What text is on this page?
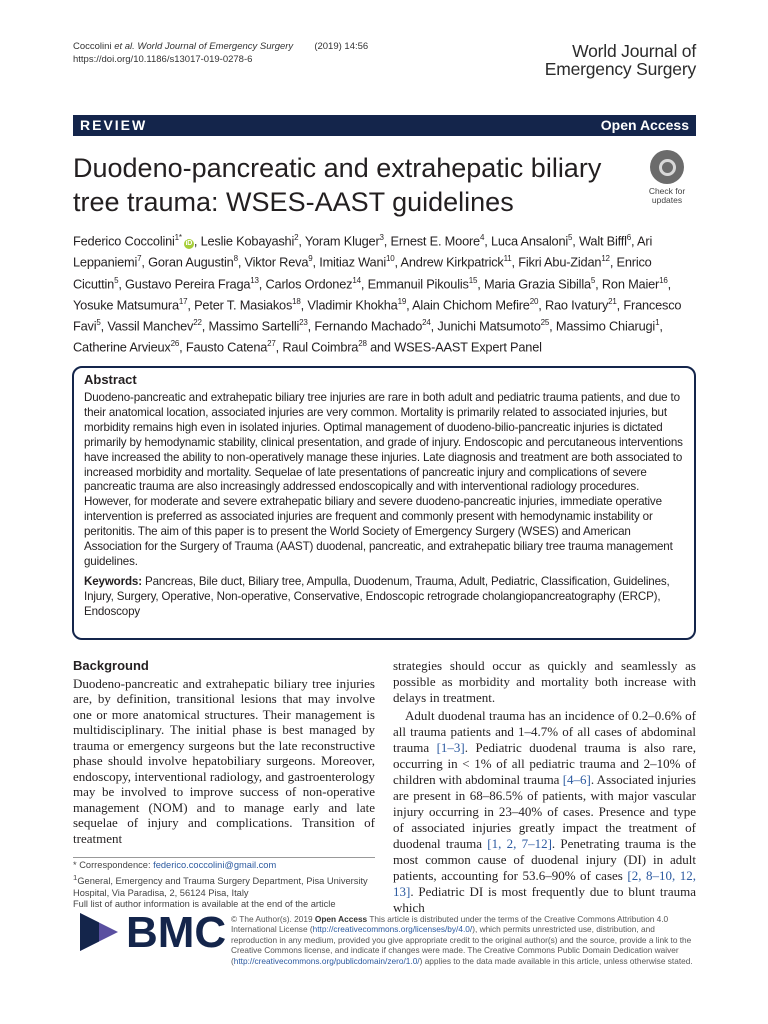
Coccolini et al. World Journal of Emergency Surgery (2019) 14:56
https://doi.org/10.1186/s13017-019-0278-6	World Journal of
Emergency Surgery
REVIEW	Open Access
Duodeno-pancreatic and extrahepatic biliary tree trauma: WSES-AAST guidelines	Check for
updates
Federico Coccolini$^{1*}$iD , Leslie Kobayashi$^2$, Yoram Kluger$^3$, Ernest E. Moore$^4$, Luca Ansaloni$^5$, Walt Biffl$^6$, Ari Leppaniemi$^7$, Goran Augustin$^8$, Viktor Reva$^9$, Imitiaz Wani$^{10}$, Andrew Kirkpatrick$^{11}$, Fikri Abu-Zidan$^{12}$, Enrico Cicuttin$^5$, Gustavo Pereira Fraga$^{13}$, Carlos Ordonez$^{14}$, Emmanuil Pikoulis$^{15}$, Maria Grazia Sibilla$^5$, Ron Maier$^{16}$, Yosuke Matsumura$^{17}$, Peter T. Masiakos$^{18}$, Vladimir Khokha$^{19}$, Alain Chichom Mefire$^{20}$, Rao Ivatury$^{21}$, Francesco Favi$^5$, Vassil Manchev$^{22}$, Massimo Sartelli$^{23}$, Fernando Machado$^{24}$, Junichi Matsumoto$^{25}$, Massimo Chiarugi$^1$, Catherine Arvieux$^{26}$, Fausto Catena$^{27}$, Raul Coimbra$^{28}$ and WSES-AAST Expert Panel
Abstract

Duodeno-pancreatic and extrahepatic biliary tree injuries are rare in both adult and pediatric trauma patients, and due to their anatomical location, associated injuries are very common. Mortality is primarily related to associated injuries, but morbidity remains high even in isolated injuries. Optimal management of duodeno-bilio-pancreatic injuries is dictated primarily by hemodynamic stability, clinical presentation, and grade of injury. Endoscopic and percutaneous interventions have increased the ability to non-operatively manage these injuries. Late diagnosis and treatment are both associated to increased morbidity and mortality. Sequelae of late presentations of pancreatic injury and complications of severe pancreatic trauma are also increasingly addressed endoscopically and with interventional radiology procedures. However, for moderate and severe extrahepatic biliary and severe duodeno-pancreatic injuries, immediate operative intervention is preferred as associated injuries are frequent and commonly present with hemodynamic instability or peritonitis. The aim of this paper is to present the World Society of Emergency Surgery (WSES) and American Association for the Surgery of Trauma (AAST) duodenal, pancreatic, and extrahepatic biliary tree trauma management guidelines.

Keywords: Pancreas, Bile duct, Biliary tree, Ampulla, Duodenum, Trauma, Adult, Pediatric, Classification, Guidelines, Injury, Surgery, Operative, Non-operative, Conservative, Endoscopic retrograde cholangiopancreatography (ERCP), Endoscopy

Background

Duodeno-pancreatic and extrahepatic biliary tree injuries are, by definition, transitional lesions that may involve one or more anatomical structures. Their management is multidisciplinary. The initial phase is best managed by trauma or emergency surgeons but the late reconstructive phase should involve hepatobiliary surgeons. Moreover, endoscopy, interventional radiology, and gastroenterology may be involved to improve success of non-operative management (NOM) and to manage early and late sequelae of injury and complications. Transition of treatment

strategies should occur as quickly and seamlessly as possible as morbidity and mortality both increase with delays in treatment.

Adult duodenal trauma has an incidence of 0.2–0.6% of all trauma patients and 1–4.7% of all cases of abdominal trauma [1–3]. Pediatric duodenal trauma is also rare, occurring in < 1% of all pediatric trauma and 2–10% of children with abdominal trauma [4–6]. Associated injuries are present in 68–86.5% of patients, with major vascular injury occurring in 23–40% of cases. Presence and type of associated injuries greatly impact the treatment of duodenal trauma [1, 2, 7–12]. Penetrating trauma is the most common cause of duodenal injury (DI) in adult patients, accounting for 53.6–90% of cases [2, 8–10, 12, 13]. Pediatric DI is most frequently due to blunt trauma which

* Correspondence: federico.coccolini@gmail.com
$^1$General, Emergency and Trauma Surgery Department, Pisa University Hospital, Via Paradisa, 2, 56124 Pisa, Italy
Full list of author information is available at the end of the article
BMC © The Author(s). 2019 Open Access This article is distributed under the terms of the Creative Commons Attribution 4.0 International License (http://creativecommons.org/licenses/by/4.0/), which permits unrestricted use, distribution, and reproduction in any medium, provided you give appropriate credit to the original author(s) and the source, provide a link to the Creative Commons license, and indicate if changes were made. The Creative Commons Public Domain Dedication waiver (http://creativecommons.org/publicdomain/zero/1.0/) applies to the data made available in this article, unless otherwise stated.
